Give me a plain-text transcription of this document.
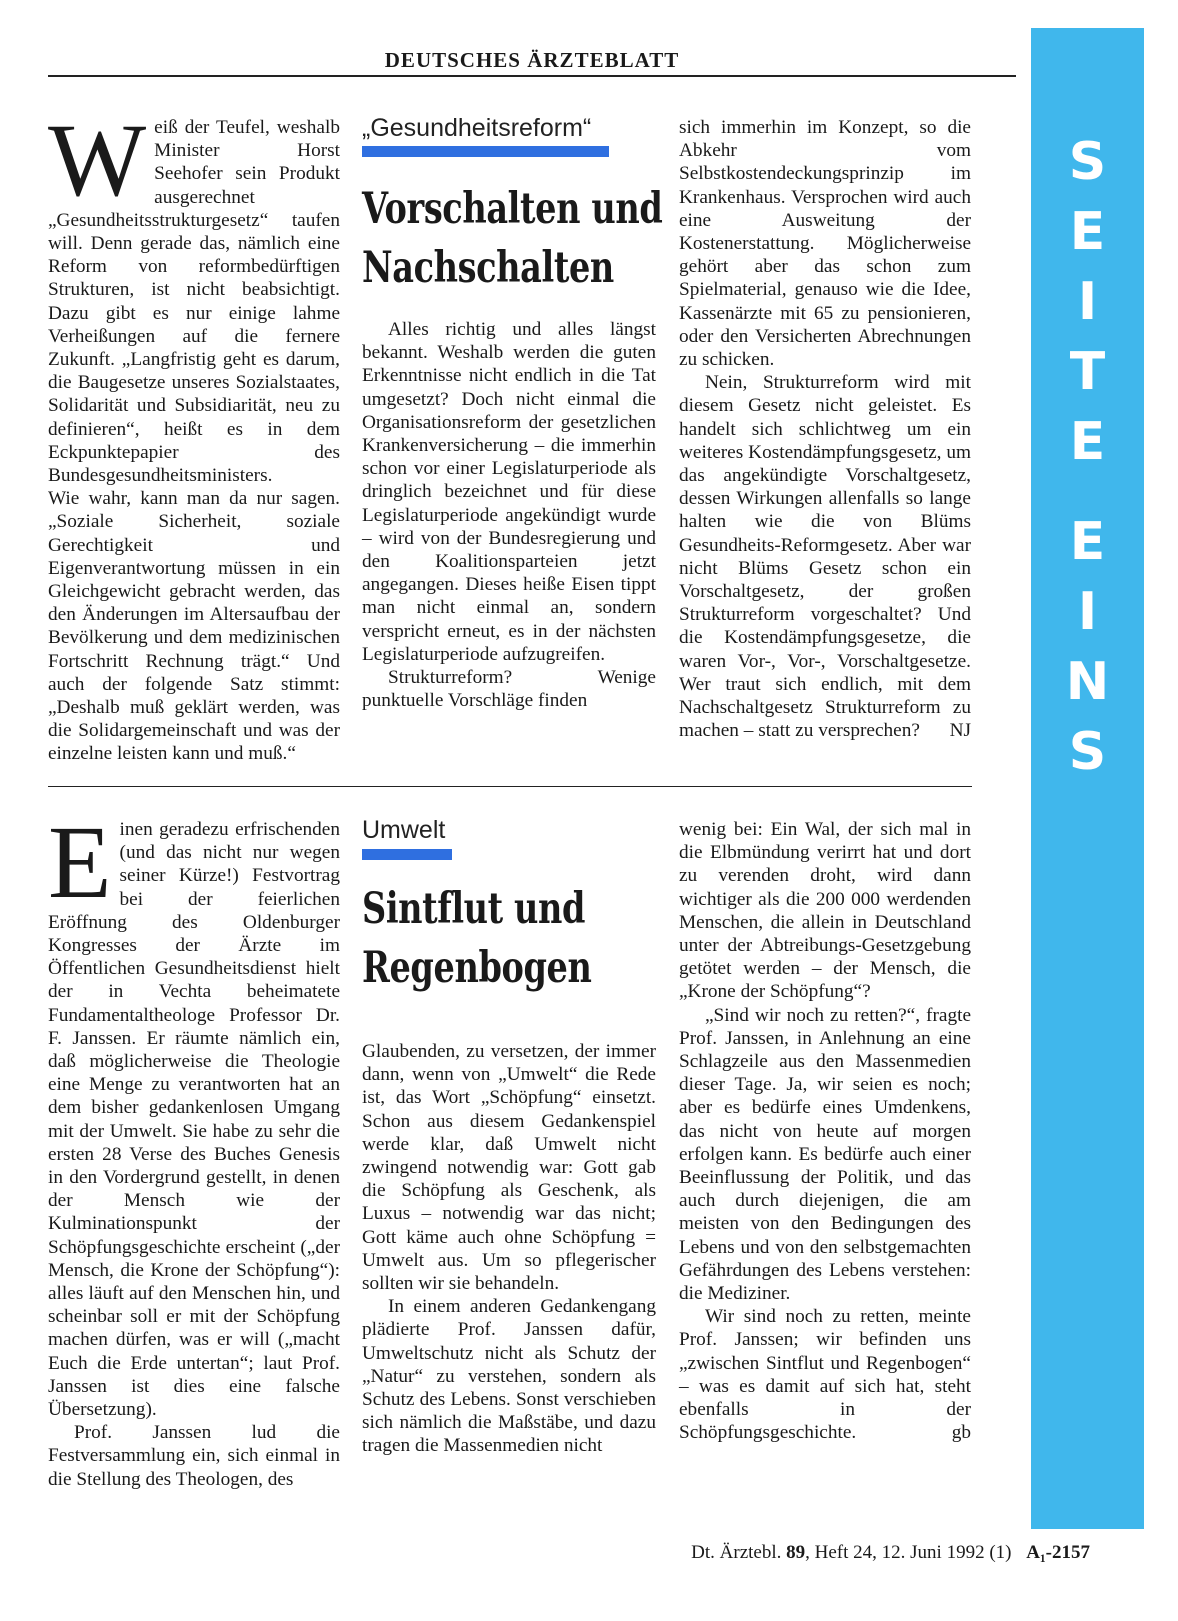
DEUTSCHES ÄRZTEBLATT
S
E
I
T
E
E
I
N
S
W eiß der Teufel, weshalb Minister Horst Seehofer sein Produkt ausgerechnet „Gesundheitsstrukturgesetz“ taufen will. Denn gerade das, nämlich eine Reform von reformbedürftigen Strukturen, ist nicht beabsichtigt. Dazu gibt es nur einige lahme Verheißungen auf die fernere Zukunft. „Langfristig geht es darum, die Baugesetze unseres Sozialstaates, Solidarität und Subsidiarität, neu zu definieren“, heißt es in dem Eckpunktepapier des Bundesgesundheitsministers.

Wie wahr, kann man da nur sagen. „Soziale Sicherheit, soziale Gerechtigkeit und Eigenverantwortung müssen in ein Gleichgewicht gebracht werden, das den Änderungen im Altersaufbau der Bevölkerung und dem medizinischen Fortschritt Rechnung trägt.“ Und auch der folgende Satz stimmt: „Deshalb muß geklärt werden, was die Solidargemeinschaft und was der einzelne leisten kann und muß.“

„Gesundheitsreform“
Vorschalten und
Nachschalten

Alles richtig und alles längst bekannt. Weshalb werden die guten Erkenntnisse nicht endlich in die Tat umgesetzt? Doch nicht einmal die Organisationsreform der gesetzlichen Krankenversicherung – die immerhin schon vor einer Legislaturperiode als dringlich bezeichnet und für diese Legislaturperiode angekündigt wurde – wird von der Bundesregierung und den Koalitionsparteien jetzt angegangen. Dieses heiße Eisen tippt man nicht einmal an, sondern verspricht erneut, es in der nächsten Legislaturperiode aufzugreifen.

Strukturreform? Wenige punktuelle Vorschläge finden

sich immerhin im Konzept, so die Abkehr vom Selbstkostendeckungsprinzip im Krankenhaus. Versprochen wird auch eine Ausweitung der Kostenerstattung. Möglicherweise gehört aber das schon zum Spielmaterial, genauso wie die Idee, Kassenärzte mit 65 zu pensionieren, oder den Versicherten Abrechnungen zu schicken.

Nein, Strukturreform wird mit diesem Gesetz nicht geleistet. Es handelt sich schlichtweg um ein weiteres Kostendämpfungsgesetz, um das angekündigte Vorschaltgesetz, dessen Wirkungen allenfalls so lange halten wie die von Blüms Gesundheits-Reformgesetz. Aber war nicht Blüms Gesetz schon ein Vorschaltgesetz, der großen Strukturreform vorgeschaltet? Und die Kostendämpfungsgesetze, die waren Vor-, Vor-, Vorschaltgesetze. Wer traut sich endlich, mit dem Nachschaltgesetz Strukturreform zu machen – statt zu versprechen?	NJ

E inen geradezu erfrischenden (und das nicht nur wegen seiner Kürze!) Festvortrag bei der feierlichen Eröffnung des Oldenburger Kongresses der Ärzte im Öffentlichen Gesundheitsdienst hielt der in Vechta beheimatete Fundamentaltheologe Professor Dr. F. Janssen. Er räumte nämlich ein, daß möglicherweise die Theologie eine Menge zu verantworten hat an dem bisher gedankenlosen Umgang mit der Umwelt. Sie habe zu sehr die ersten 28 Verse des Buches Genesis in den Vordergrund gestellt, in denen der Mensch wie der Kulminationspunkt der Schöpfungsgeschichte erscheint („der Mensch, die Krone der Schöpfung“): alles läuft auf den Menschen hin, und scheinbar soll er mit der Schöpfung machen dürfen, was er will („macht Euch die Erde untertan“; laut Prof. Janssen ist dies eine falsche Übersetzung).

Prof. Janssen lud die Festversammlung ein, sich einmal in die Stellung des Theologen, des

Umwelt
Sintflut und
Regenbogen

Glaubenden, zu versetzen, der immer dann, wenn von „Umwelt“ die Rede ist, das Wort „Schöpfung“ einsetzt. Schon aus diesem Gedankenspiel werde klar, daß Umwelt nicht zwingend notwendig war: Gott gab die Schöpfung als Geschenk, als Luxus – notwendig war das nicht; Gott käme auch ohne Schöpfung = Umwelt aus. Um so pflegerischer sollten wir sie behandeln.

In einem anderen Gedankengang plädierte Prof. Janssen dafür, Umweltschutz nicht als Schutz der „Natur“ zu verstehen, sondern als Schutz des Lebens. Sonst verschieben sich nämlich die Maßstäbe, und dazu tragen die Massenmedien nicht

wenig bei: Ein Wal, der sich mal in die Elbmündung verirrt hat und dort zu verenden droht, wird dann wichtiger als die 200 000 werdenden Menschen, die allein in Deutschland unter der Abtreibungs-Gesetzgebung getötet werden – der Mensch, die „Krone der Schöpfung“?

„Sind wir noch zu retten?“, fragte Prof. Janssen, in Anlehnung an eine Schlagzeile aus den Massenmedien dieser Tage. Ja, wir seien es noch; aber es bedürfe eines Umdenkens, das nicht von heute auf morgen erfolgen kann. Es bedürfe auch einer Beeinflussung der Politik, und das auch durch diejenigen, die am meisten von den Bedingungen des Lebens und von den selbstgemachten Gefährdungen des Lebens verstehen: die Mediziner.

Wir sind noch zu retten, meinte Prof. Janssen; wir befinden uns „zwischen Sintflut und Regenbogen“ – was es damit auf sich hat, steht ebenfalls in der Schöpfungsgeschichte.	gb

Dt. Ärztebl. 89, Heft 24, 12. Juni 1992 (1) A₁-2157
